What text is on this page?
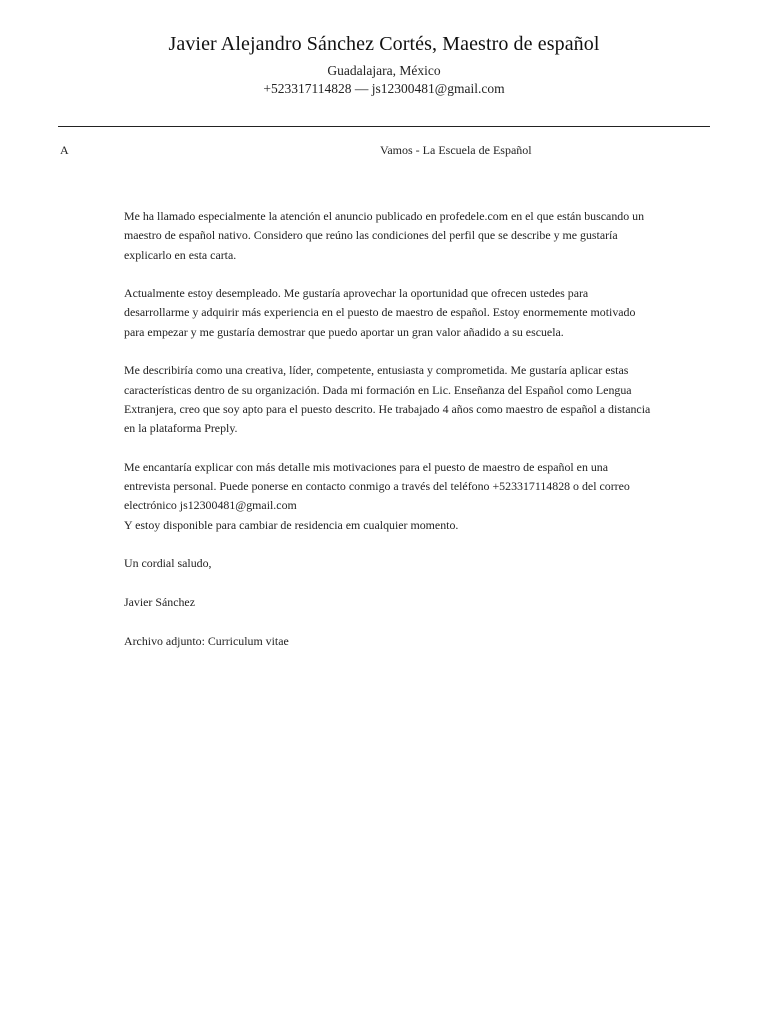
Javier Alejandro Sánchez Cortés, Maestro de español
Guadalajara, México
+523317114828 — js12300481@gmail.com
A	Vamos - La Escuela de Español

Me ha llamado especialmente la atención el anuncio publicado en profedele.com en el que están buscando un maestro de español nativo. Considero que reúno las condiciones del perfil que se describe y me gustaría explicarlo en esta carta.

Actualmente estoy desempleado. Me gustaría aprovechar la oportunidad que ofrecen ustedes para desarrollarme y adquirir más experiencia en el puesto de maestro de español. Estoy enormemente motivado para empezar y me gustaría demostrar que puedo aportar un gran valor añadido a su escuela.

Me describiría como una creativa, líder, competente, entusiasta y comprometida. Me gustaría aplicar estas características dentro de su organización. Dada mi formación en Lic. Enseñanza del Español como Lengua Extranjera, creo que soy apto para el puesto descrito. He trabajado 4 años como maestro de español a distancia en la plataforma Preply.

Me encantaría explicar con más detalle mis motivaciones para el puesto de maestro de español en una entrevista personal. Puede ponerse en contacto conmigo a través del teléfono +523317114828 o del correo electrónico js12300481@gmail.com

Y estoy disponible para cambiar de residencia em cualquier momento.

Un cordial saludo,

Javier Sánchez

Archivo adjunto: Curriculum vitae
